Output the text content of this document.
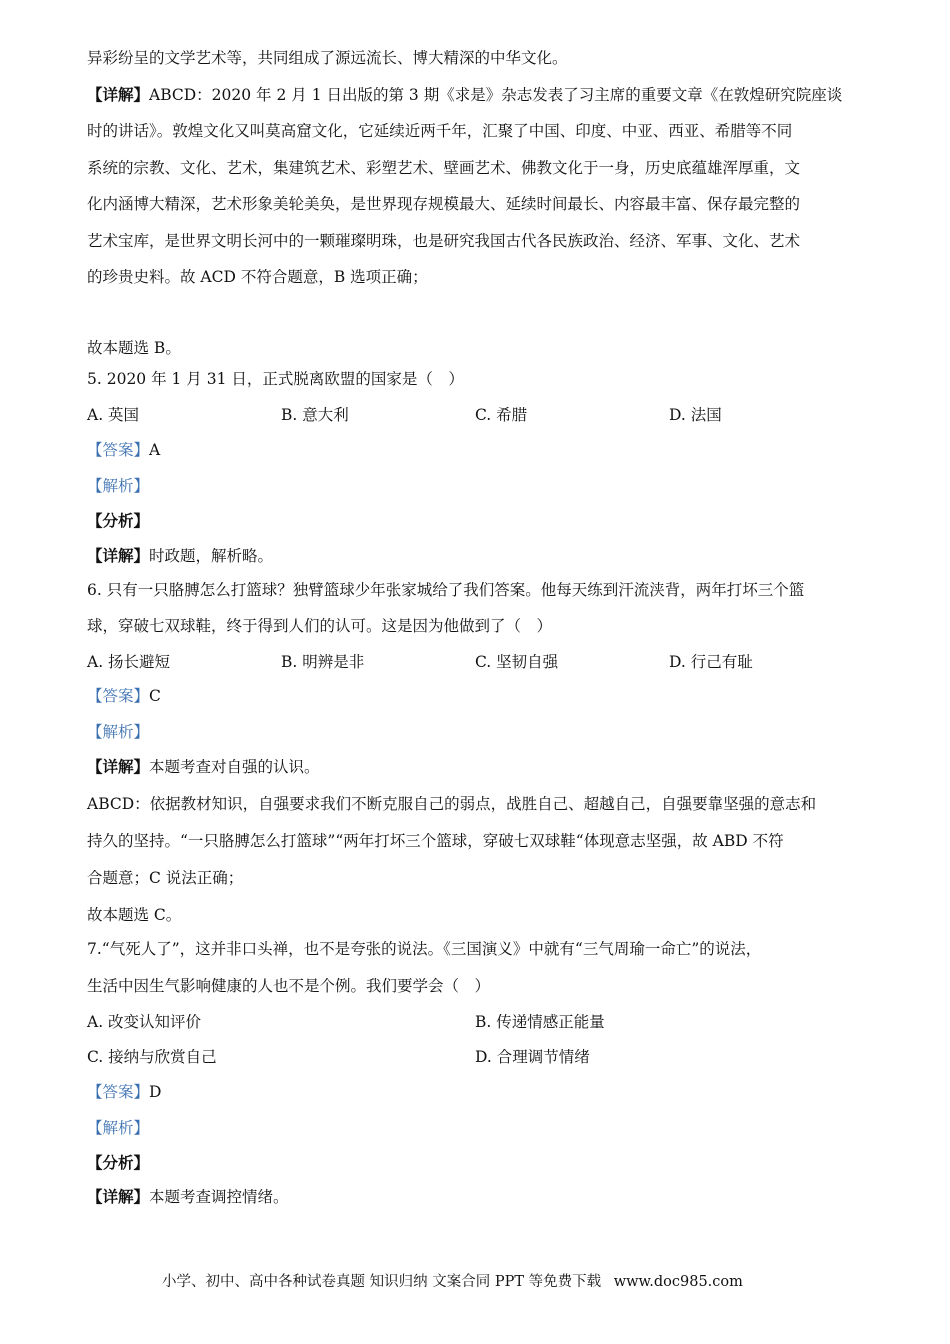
异彩纷呈的文学艺术等，共同组成了源远流长、博大精深的中华文化。
【详解】ABCD：2020 年 2 月 1 日出版的第 3 期《求是》杂志发表了习主席的重要文章《在敦煌研究院座谈
时的讲话》。敦煌文化又叫莫高窟文化，它延续近两千年，汇聚了中国、印度、中亚、西亚、希腊等不同
系统的宗教、文化、艺术，集建筑艺术、彩塑艺术、壁画艺术、佛教文化于一身，历史底蕴雄浑厚重，文
化内涵博大精深，艺术形象美轮美奂，是世界现存规模最大、延续时间最长、内容最丰富、保存最完整的
艺术宝库，是世界文明长河中的一颗璀璨明珠，也是研究我国古代各民族政治、经济、军事、文化、艺术
的珍贵史料。故 ACD 不符合题意，B 选项正确；
故本题选 B。
5. 2020 年 1 月 31 日，正式脱离欧盟的国家是（　）
A. 英国	B. 意大利	C. 希腊	D. 法国
【答案】A
【解析】
【分析】
【详解】时政题，解析略。
6. 只有一只胳膊怎么打篮球？独臂篮球少年张家城给了我们答案。他每天练到汗流浃背，两年打坏三个篮
球，穿破七双球鞋，终于得到人们的认可。这是因为他做到了（　）
A. 扬长避短	B. 明辨是非	C. 坚韧自强	D. 行己有耻
【答案】C
【解析】
【详解】本题考查对自强的认识。
ABCD：依据教材知识，自强要求我们不断克服自己的弱点，战胜自己、超越自己，自强要靠坚强的意志和
持久的坚持。“一只胳膊怎么打篮球”“两年打坏三个篮球，穿破七双球鞋“体现意志坚强，故 ABD 不符
合题意；C 说法正确；
故本题选 C。
7.“气死人了”，这并非口头禅，也不是夸张的说法。《三国演义》中就有“三气周瑜一命亡”的说法，
生活中因生气影响健康的人也不是个例。我们要学会（　）
A. 改变认知评价	B. 传递情感正能量
C. 接纳与欣赏自己	D. 合理调节情绪
【答案】D
【解析】
【分析】
【详解】本题考查调控情绪。
小学、初中、高中各种试卷真题 知识归纳 文案合同 PPT 等免费下载 www.doc985.com
